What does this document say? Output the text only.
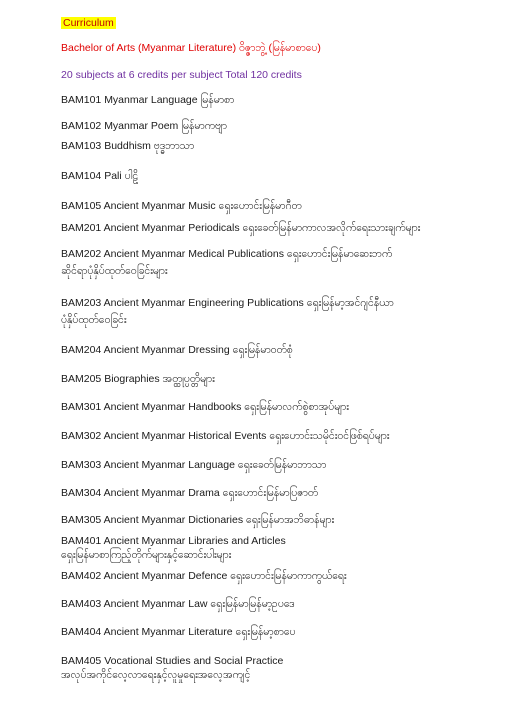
Curriculum
Bachelor of Arts (Myanmar Literature) ဝိဇ္ဇာဘွဲ့ (မြန်မာစာပေ)
20 subjects at 6 credits per subject Total 120 credits
BAM101 Myanmar Language မြန်မာစာ
BAM102 Myanmar Poem မြန်မာကဗျာ
BAM103 Buddhism ဗုဒ္ဓဘာသာ
BAM104 Pali ပါဠိ
BAM105 Ancient Myanmar Music ရှေးဟောင်းမြန်မာဂီတ
BAM201 Ancient Myanmar Periodicals ရှေးခေတ်မြန်မာကာလအလိုက်ရေးသားချက်များ
BAM202 Ancient Myanmar Medical Publications ရှေးဟောင်းမြန်မာဆေးဘက်
ဆိုင်ရာပုံနှိပ်ထုတ်ဝေခြင်းများ
BAM203 Ancient Myanmar Engineering Publications ရှေးမြန်မာ့အင်ဂျင်နီယာ
ပုံနှိပ်ထုတ်ဝေခြင်း
BAM204 Ancient Myanmar Dressing ရှေးမြန်မာဝတ်စုံ
BAM205 Biographies အတ္ထုပ္ပတ္တိများ
BAM301 Ancient Myanmar Handbooks ရှေးမြန်မာလက်စွဲစာအုပ်များ
BAM302 Ancient Myanmar Historical Events ရှေးဟောင်းသမိုင်းဝင်ဖြစ်ရပ်များ
BAM303 Ancient Myanmar Language ရှေးခေတ်မြန်မာဘာသာ
BAM304 Ancient Myanmar Drama ရှေးဟောင်းမြန်မာပြဇာတ်
BAM305 Ancient Myanmar Dictionaries ရှေးမြန်မာအဘိဓာန်များ
BAM401 Ancient Myanmar Libraries and Articles
ရှေးမြန်မာစာကြည့်တိုက်များနှင့်ဆောင်းပါးများ
BAM402 Ancient Myanmar Defence ရှေးဟောင်းမြန်မာကာကွယ်ရေး
BAM403 Ancient Myanmar Law ရှေးမြန်မာမြန်မာ့ဥပဒေ
BAM404 Ancient Myanmar Literature ရှေးမြန်မာ့စာပေ
BAM405 Vocational Studies and Social Practice
အလုပ်အကိုင်လေ့လာရေးနှင့်လူမှုရေးအလေ့အကျင့်
